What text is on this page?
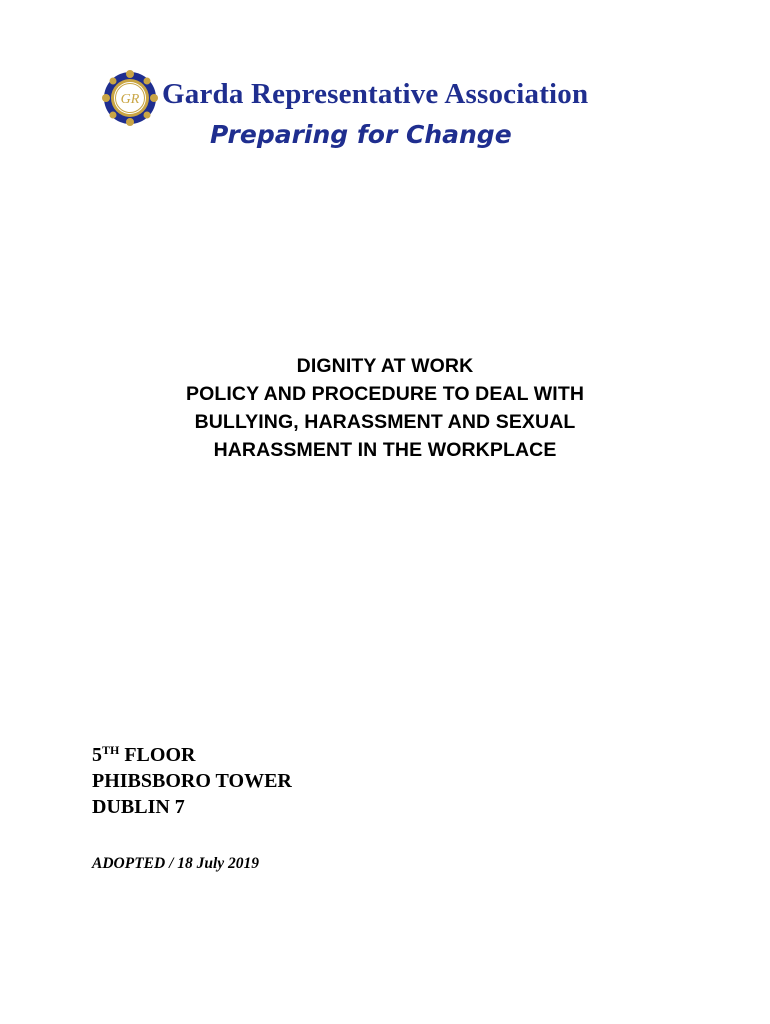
GR Garda Representative Association
Preparing for Change
DIGNITY AT WORK
POLICY AND PROCEDURE TO DEAL WITH
BULLYING, HARASSMENT AND SEXUAL
HARASSMENT IN THE WORKPLACE
5TH FLOOR
PHIBSBORO TOWER
DUBLIN 7
ADOPTED / 18 July 2019
